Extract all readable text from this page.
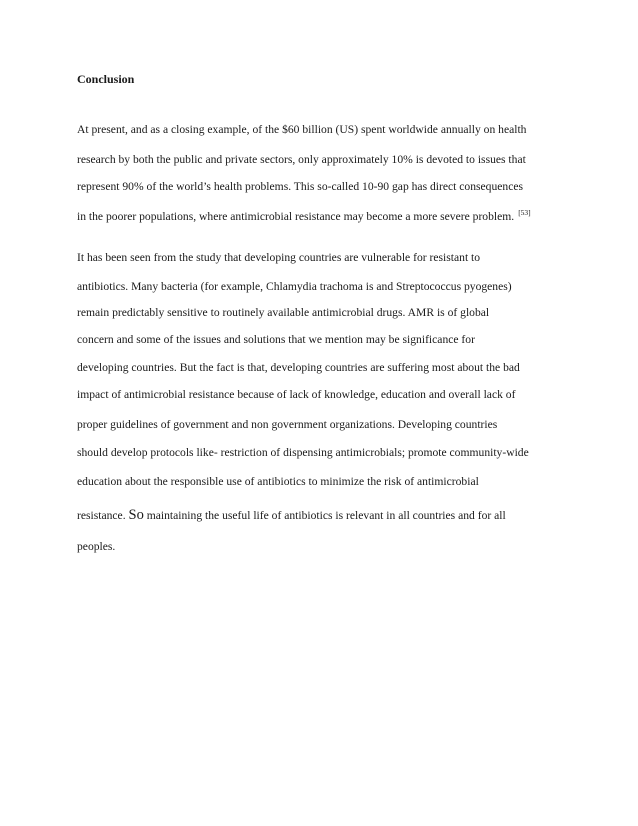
Conclusion

At present, and as a closing example, of the $60 billion (US) spent worldwide annually on health

research by both the public and private sectors, only approximately 10% is devoted to issues that

represent 90% of the world’s health problems. This so-called 10-90 gap has direct consequences

in the poorer populations, where antimicrobial resistance may become a more severe problem. [53]

It has been seen from the study that developing countries are vulnerable for resistant to

antibiotics. Many bacteria (for example, Chlamydia trachoma is and Streptococcus pyogenes)

remain predictably sensitive to routinely available antimicrobial drugs. AMR is of global

concern and some of the issues and solutions that we mention may be significance for

developing countries. But the fact is that, developing countries are suffering most about the bad

impact of antimicrobial resistance because of lack of knowledge, education and overall lack of

proper guidelines of government and non government organizations. Developing countries

should develop protocols like- restriction of dispensing antimicrobials; promote community-wide

education about the responsible use of antibiotics to minimize the risk of antimicrobial

resistance. So maintaining the useful life of antibiotics is relevant in all countries and for all

peoples.
